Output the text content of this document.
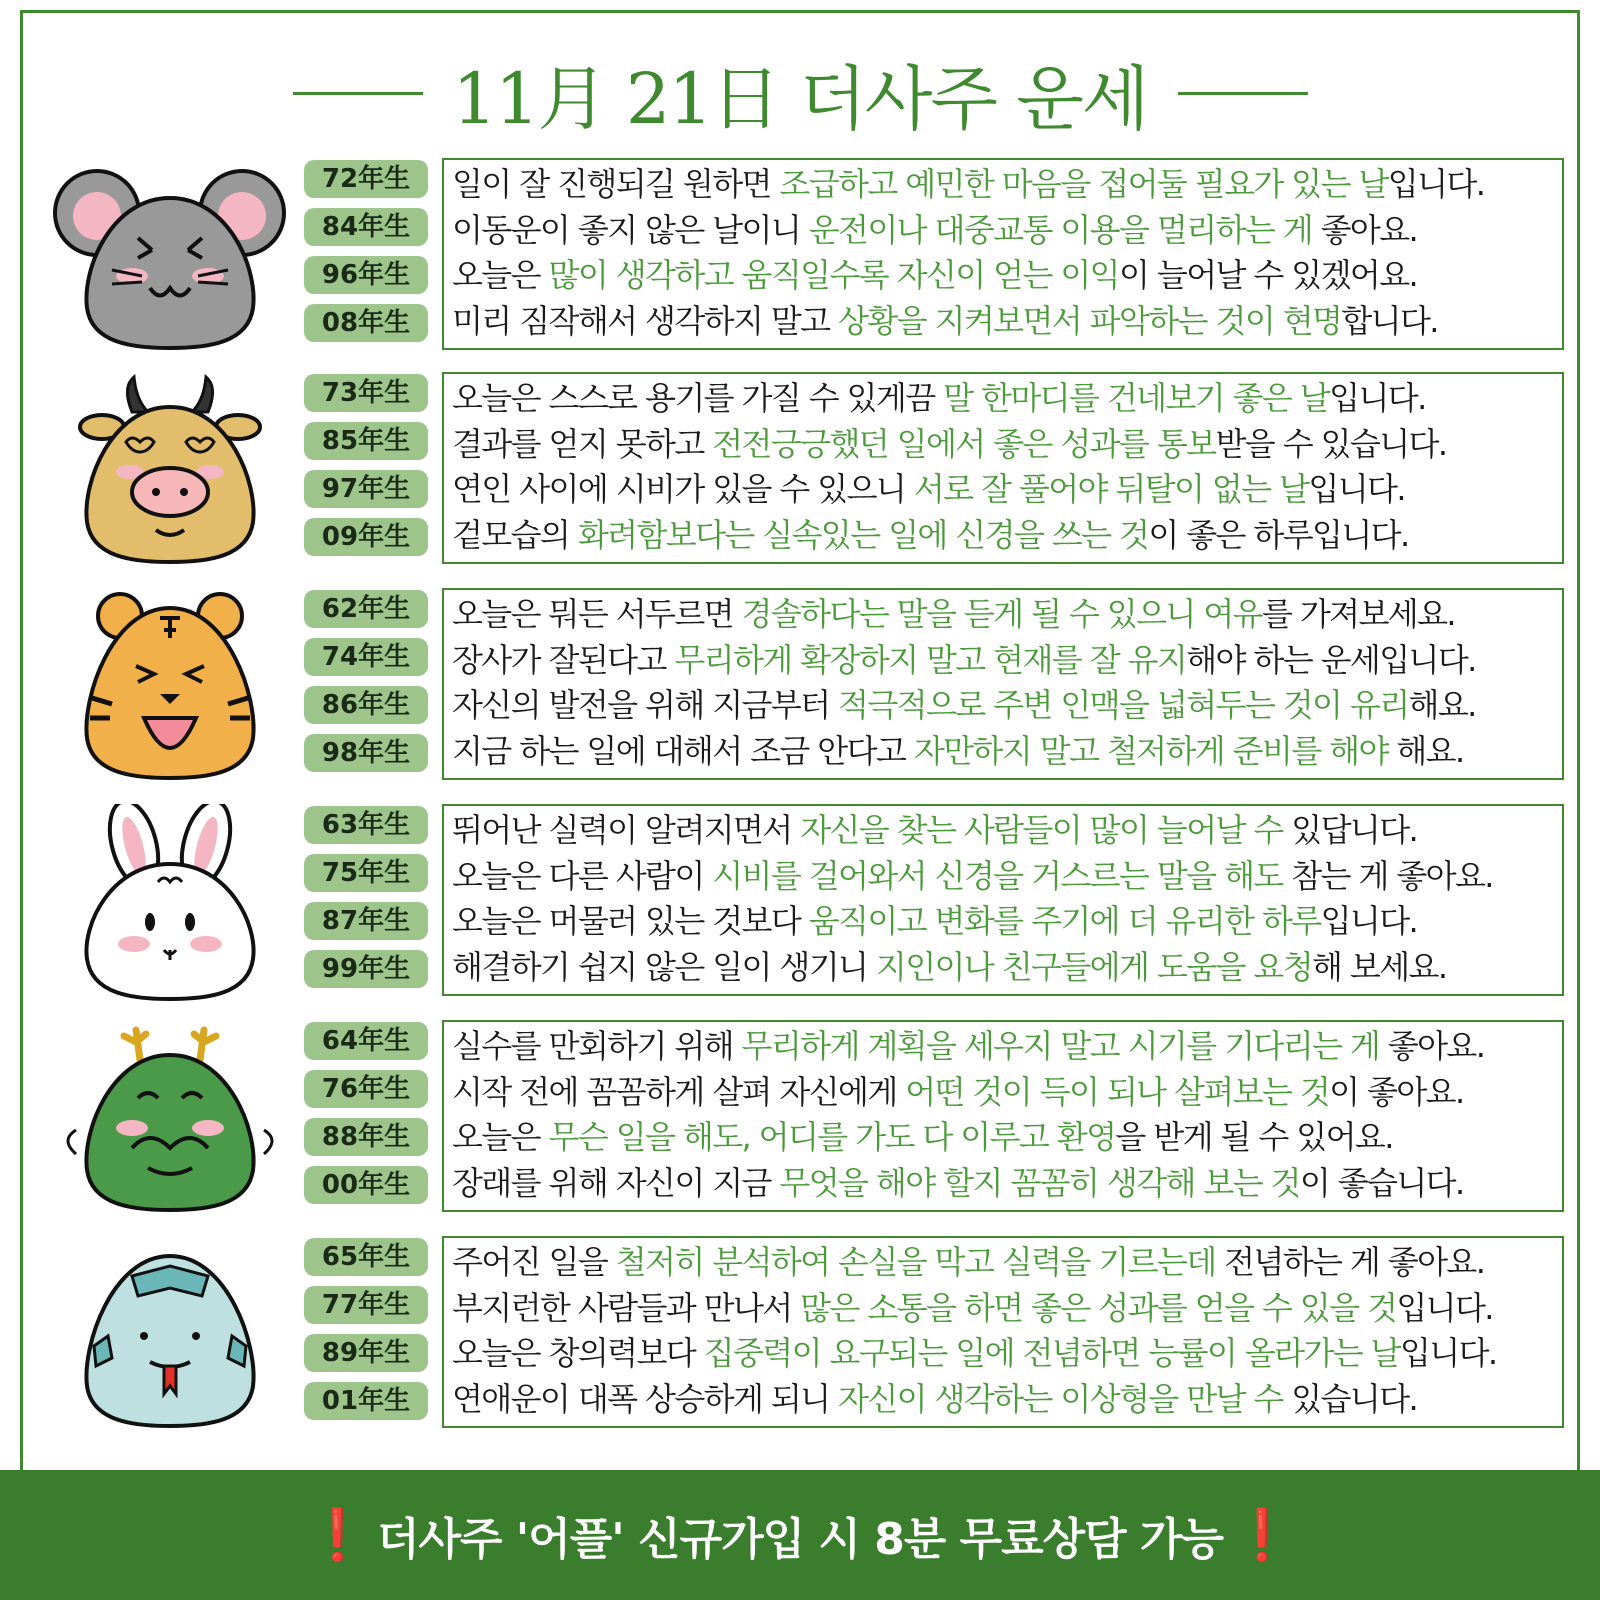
11月 21日 더사주 운세
72年生
84年生
96年生
08年生
일이 잘 진행되길 원하면 조급하고 예민한 마음을 접어둘 필요가 있는 날입니다.
이동운이 좋지 않은 날이니 운전이나 대중교통 이용을 멀리하는 게 좋아요.
오늘은 많이 생각하고 움직일수록 자신이 얻는 이익이 늘어날 수 있겠어요.
미리 짐작해서 생각하지 말고 상황을 지켜보면서 파악하는 것이 현명합니다.
73年生
85年生
97年生
09年生
오늘은 스스로 용기를 가질 수 있게끔 말 한마디를 건네보기 좋은 날입니다.
결과를 얻지 못하고 전전긍긍했던 일에서 좋은 성과를 통보받을 수 있습니다.
연인 사이에 시비가 있을 수 있으니 서로 잘 풀어야 뒤탈이 없는 날입니다.
겉모습의 화려함보다는 실속있는 일에 신경을 쓰는 것이 좋은 하루입니다.
62年生
74年生
86年生
98年生
오늘은 뭐든 서두르면 경솔하다는 말을 듣게 될 수 있으니 여유를 가져보세요.
장사가 잘된다고 무리하게 확장하지 말고 현재를 잘 유지해야 하는 운세입니다.
자신의 발전을 위해 지금부터 적극적으로 주변 인맥을 넓혀두는 것이 유리해요.
지금 하는 일에 대해서 조금 안다고 자만하지 말고 철저하게 준비를 해야 해요.
63年生
75年生
87年生
99年生
뛰어난 실력이 알려지면서 자신을 찾는 사람들이 많이 늘어날 수 있답니다.
오늘은 다른 사람이 시비를 걸어와서 신경을 거스르는 말을 해도 참는 게 좋아요.
오늘은 머물러 있는 것보다 움직이고 변화를 주기에 더 유리한 하루입니다.
해결하기 쉽지 않은 일이 생기니 지인이나 친구들에게 도움을 요청해 보세요.
64年生
76年生
88年生
00年生
실수를 만회하기 위해 무리하게 계획을 세우지 말고 시기를 기다리는 게 좋아요.
시작 전에 꼼꼼하게 살펴 자신에게 어떤 것이 득이 되나 살펴보는 것이 좋아요.
오늘은 무슨 일을 해도, 어디를 가도 다 이루고 환영을 받게 될 수 있어요.
장래를 위해 자신이 지금 무엇을 해야 할지 꼼꼼히 생각해 보는 것이 좋습니다.
65年生
77年生
89年生
01年生
주어진 일을 철저히 분석하여 손실을 막고 실력을 기르는데 전념하는 게 좋아요.
부지런한 사람들과 만나서 많은 소통을 하면 좋은 성과를 얻을 수 있을 것입니다.
오늘은 창의력보다 집중력이 요구되는 일에 전념하면 능률이 올라가는 날입니다.
연애운이 대폭 상승하게 되니 자신이 생각하는 이상형을 만날 수 있습니다.
❗ 더사주 '어플' 신규가입 시 8분 무료상담 가능 ❗
